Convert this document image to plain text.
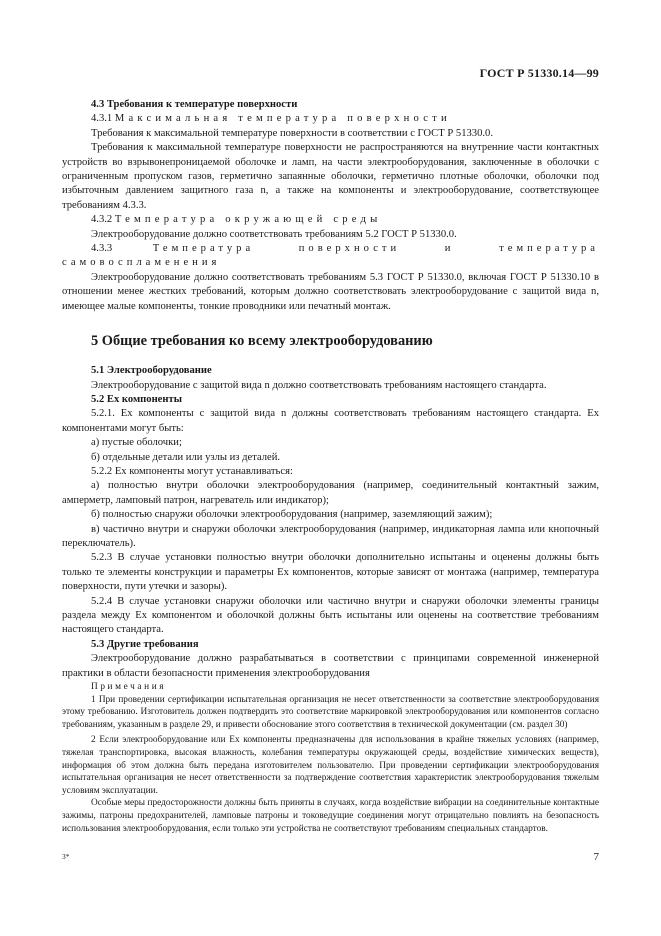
ГОСТ Р 51330.14—99

4.3 Требования к температуре поверхности

4.3.1 Максимальная температура поверхности

Требования к максимальной температуре поверхности в соответствии с ГОСТ Р 51330.0.

Требования к максимальной температуре поверхности не распространяются на внутренние части контактных устройств во взрывонепроницаемой оболочке и ламп, на части электрооборудования, заключенные в оболочки с ограниченным пропуском газов, герметично запаянные оболочки, герметично плотные оболочки, оболочки под избыточным давлением защитного газа n, а также на компоненты и электрооборудование, соответствующее требованиям 4.3.3.

4.3.2 Температура окружающей среды

Электрооборудование должно соответствовать требованиям 5.2 ГОСТ Р 51330.0.

4.3.3	Температура поверхности и температура самовоспламенения

Электрооборудование должно соответствовать требованиям 5.3 ГОСТ Р 51330.0, включая ГОСТ Р 51330.10 в отношении менее жестких требований, которым должно соответствовать электрооборудование с защитой вида n, имеющее малые компоненты, тонкие проводники или печатный монтаж.

5 Общие требования ко всему электрооборудованию

5.1 Электрооборудование

Электрооборудование с защитой вида n должно соответствовать требованиям настоящего стандарта.

5.2 Ex компоненты

5.2.1. Ex компоненты с защитой вида n должны соответствовать требованиям настоящего стандарта. Ex компонентами могут быть:

а) пустые оболочки;

б) отдельные детали или узлы из деталей.

5.2.2 Ex компоненты могут устанавливаться:

а) полностью внутри оболочки электрооборудования (например, соединительный контактный зажим, амперметр, ламповый патрон, нагреватель или индикатор);

б) полностью снаружи оболочки электрооборудования (например, заземляющий зажим);

в) частично внутри и снаружи оболочки электрооборудования (например, индикаторная лампа или кнопочный переключатель).

5.2.3 В случае установки полностью внутри оболочки дополнительно испытаны и оценены должны быть только те элементы конструкции и параметры Ex компонентов, которые зависят от монтажа (например, температура поверхности, пути утечки и зазоры).

5.2.4 В случае установки снаружи оболочки или частично внутри и снаружи оболочки элементы границы раздела между Ex компонентом и оболочкой должны быть испытаны или оценены на соответствие требованиям настоящего стандарта.

5.3 Другие требования

Электрооборудование должно разрабатываться в соответствии с принципами современной инженерной практики в области безопасности применения электрооборудования

Примечания

1 При проведении сертификации испытательная организация не несет ответственности за соответствие электрооборудования этому требованию. Изготовитель должен подтвердить это соответствие маркировкой электрооборудования или компонентов согласно требованиям, указанным в разделе 29, и привести обоснование этого соответствия в технической документации (см. раздел 30)

2 Если электрооборудование или Ex компоненты предназначены для использования в крайне тяжелых условиях (например, тяжелая транспортировка, высокая влажность, колебания температуры окружающей среды, воздействие химических веществ), информация об этом должна быть передана изготовителем пользователю. При проведении сертификации электрооборудования испытательная организация не несет ответственности за подтверждение соответствия характеристик электрооборудования тяжелым условиям эксплуатации.

Особые меры предосторожности должны быть приняты в случаях, когда воздействие вибрации на соединительные контактные зажимы, патроны предохранителей, ламповые патроны и токоведущие соединения могут отрицательно повлиять на безопасность использования электрооборудования, если только эти устройства не соответствуют требованиям специальных стандартов.

3*	7
